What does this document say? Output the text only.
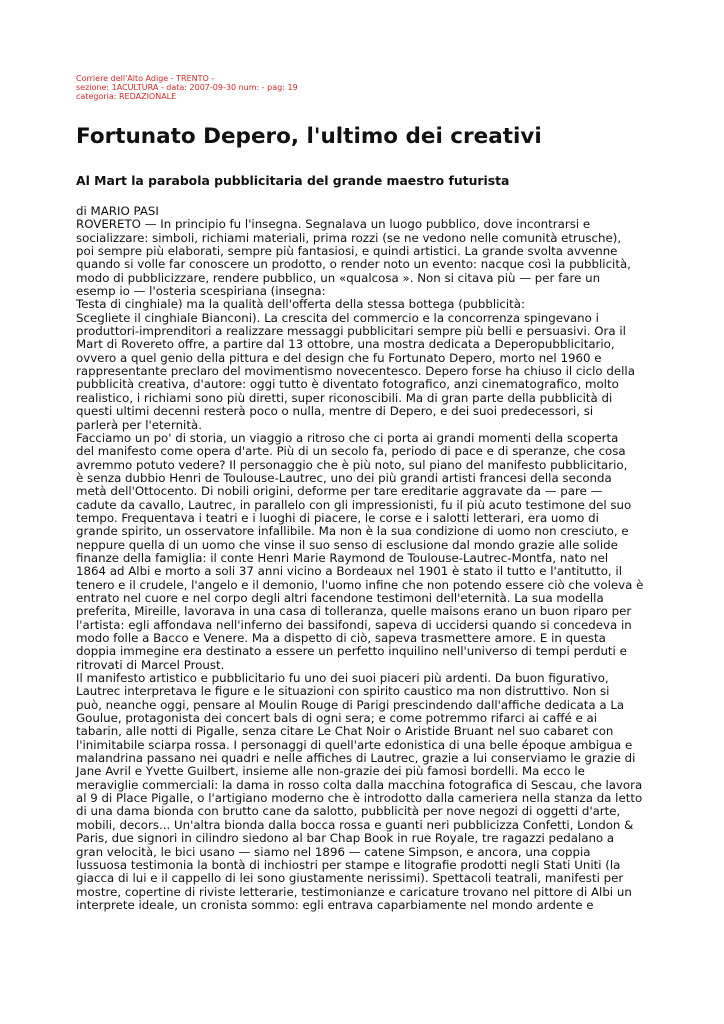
Corriere dell'Alto Adige - TRENTO -
sezione: 1ACULTURA - data: 2007-09-30 num: - pag: 19
categoria: REDAZIONALE
Fortunato Depero, l'ultimo dei creativi
Al Mart la parabola pubblicitaria del grande maestro futurista
di MARIO PASI
ROVERETO — In principio fu l'insegna. Segnalava un luogo pubblico, dove incontrarsi e
socializzare: simboli, richiami materiali, prima rozzi (se ne vedono nelle comunità etrusche),
poi sempre più elaborati, sempre più fantasiosi, e quindi artistici. La grande svolta avvenne
quando si volle far conoscere un prodotto, o render noto un evento: nacque così la pubblicità,
modo di pubblicizzare, rendere pubblico, un «qualcosa ». Non si citava più — per fare un
esemp io — l'osteria scespiriana (insegna:
Testa di cinghiale) ma la qualità dell'offerta della stessa bottega (pubblicità:
Scegliete il cinghiale Bianconi). La crescita del commercio e la concorrenza spingevano i
produttori-imprenditori a realizzare messaggi pubblicitari sempre più belli e persuasivi. Ora il
Mart di Rovereto offre, a partire dal 13 ottobre, una mostra dedicata a Deperopubblicitario,
ovvero a quel genio della pittura e del design che fu Fortunato Depero, morto nel 1960 e
rappresentante preclaro del movimentismo novecentesco. Depero forse ha chiuso il ciclo della
pubblicità creativa, d'autore: oggi tutto è diventato fotografico, anzi cinematografico, molto
realistico, i richiami sono più diretti, super riconoscibili. Ma di gran parte della pubblicità di
questi ultimi decenni resterà poco o nulla, mentre di Depero, e dei suoi predecessori, si
parlerà per l'eternità.
Facciamo un po' di storia, un viaggio a ritroso che ci porta ai grandi momenti della scoperta
del manifesto come opera d'arte. Più di un secolo fa, periodo di pace e di speranze, che cosa
avremmo potuto vedere? Il personaggio che è più noto, sul piano del manifesto pubblicitario,
è senza dubbio Henri de Toulouse-Lautrec, uno dei più grandi artisti francesi della seconda
metà dell'Ottocento. Di nobili origini, deforme per tare ereditarie aggravate da — pare —
cadute da cavallo, Lautrec, in parallelo con gli impressionisti, fu il più acuto testimone del suo
tempo. Frequentava i teatri e i luoghi di piacere, le corse e i salotti letterari, era uomo di
grande spirito, un osservatore infallibile. Ma non è la sua condizione di uomo non cresciuto, e
neppure quella di un uomo che vinse il suo senso di esclusione dal mondo grazie alle solide
finanze della famiglia: il conte Henri Marie Raymond de Toulouse-Lautrec-Montfa, nato nel
1864 ad Albi e morto a soli 37 anni vicino a Bordeaux nel 1901 è stato il tutto e l'antitutto, il
tenero e il crudele, l'angelo e il demonio, l'uomo infine che non potendo essere ciò che voleva è
entrato nel cuore e nel corpo degli altri facendone testimoni dell'eternità. La sua modella
preferita, Mireille, lavorava in una casa di tolleranza, quelle maisons erano un buon riparo per
l'artista: egli affondava nell'inferno dei bassifondi, sapeva di uccidersi quando si concedeva in
modo folle a Bacco e Venere. Ma a dispetto di ciò, sapeva trasmettere amore. E in questa
doppia immegine era destinato a essere un perfetto inquilino nell'universo di tempi perduti e
ritrovati di Marcel Proust.
Il manifesto artistico e pubblicitario fu uno dei suoi piaceri più ardenti. Da buon figurativo,
Lautrec interpretava le figure e le situazioni con spirito caustico ma non distruttivo. Non si
può, neanche oggi, pensare al Moulin Rouge di Parigi prescindendo dall'affiche dedicata a La
Goulue, protagonista dei concert bals di ogni sera; e come potremmo rifarci ai caffé e ai
tabarin, alle notti di Pigalle, senza citare Le Chat Noir o Aristide Bruant nel suo cabaret con
l'inimitabile sciarpa rossa. I personaggi di quell'arte edonistica di una belle époque ambigua e
malandrina passano nei quadri e nelle affiches di Lautrec, grazie a lui conserviamo le grazie di
Jane Avril e Yvette Guilbert, insieme alle non-grazie dei più famosi bordelli. Ma ecco le
meraviglie commerciali: la dama in rosso colta dalla macchina fotografica di Sescau, che lavora
al 9 di Place Pigalle, o l'artigiano moderno che è introdotto dalla cameriera nella stanza da letto
di una dama bionda con brutto cane da salotto, pubblicità per nove negozi di oggetti d'arte,
mobili, decors... Un'altra bionda dalla bocca rossa e guanti neri pubblicizza Confetti, London &
Paris, due signori in cilindro siedono al bar Chap Book in rue Royale, tre ragazzi pedalano a
gran velocità, le bici usano — siamo nel 1896 — catene Simpson, e ancora, una coppia
lussuosa testimonia la bontà di inchiostri per stampe e litografie prodotti negli Stati Uniti (la
giacca di lui e il cappello di lei sono giustamente nerissimi). Spettacoli teatrali, manifesti per
mostre, copertine di riviste letterarie, testimonianze e caricature trovano nel pittore di Albi un
interprete ideale, un cronista sommo: egli entrava caparbiamente nel mondo ardente e
